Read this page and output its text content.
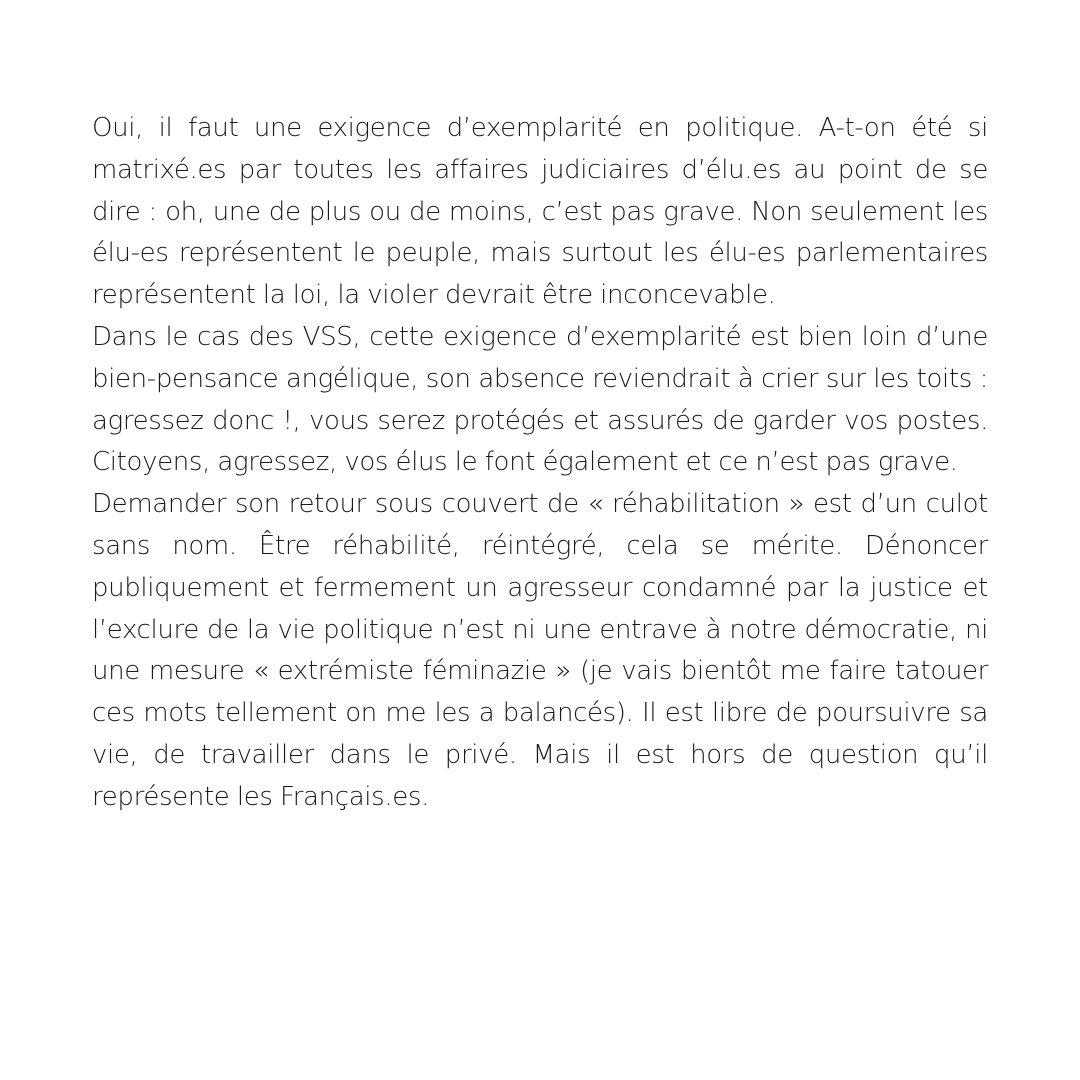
Oui, il faut une exigence d’exemplarité en politique. A-t-on été si matrixé.es par toutes les affaires judiciaires d’élu.es au point de se dire : oh, une de plus ou de moins, c’est pas grave. Non seulement les élu-es représentent le peuple, mais surtout les élu-es parlementaires représentent la loi, la violer devrait être inconcevable.

Dans le cas des VSS, cette exigence d’exemplarité est bien loin d’une bien-pensance angélique, son absence reviendrait à crier sur les toits : agressez donc !, vous serez protégés et assurés de garder vos postes. Citoyens, agressez, vos élus le font également et ce n’est pas grave.

Demander son retour sous couvert de « réhabilitation » est d’un culot sans nom. Être réhabilité, réintégré, cela se mérite. Dénoncer publiquement et fermement un agresseur condamné par la justice et l’exclure de la vie politique n’est ni une entrave à notre démocratie, ni une mesure « extrémiste féminazie » (je vais bientôt me faire tatouer ces mots tellement on me les a balancés). Il est libre de poursuivre sa vie, de travailler dans le privé. Mais il est hors de question qu’il représente les Français.es.
